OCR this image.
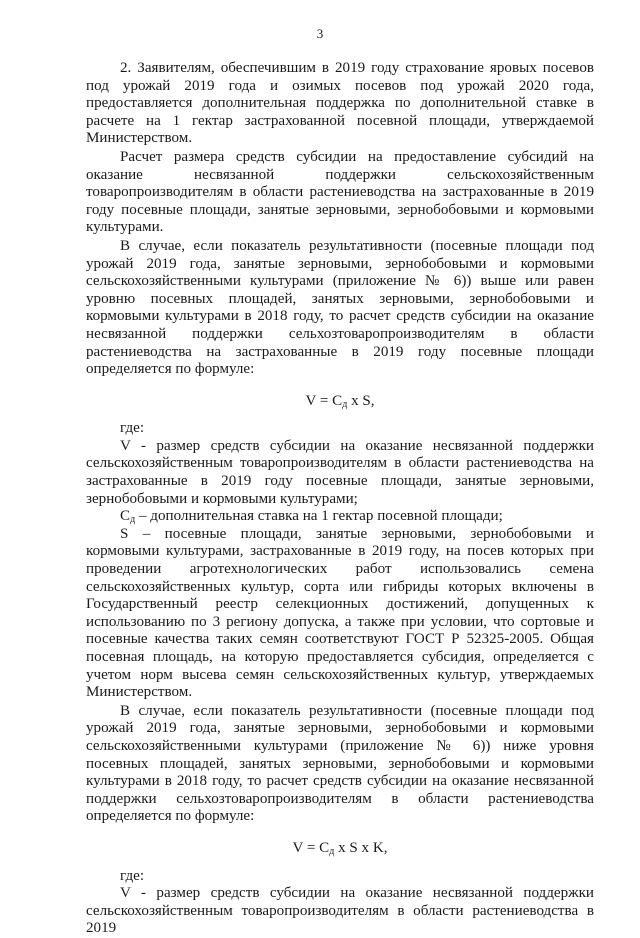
3

2. Заявителям, обеспечившим в 2019 году страхование яровых посевов под урожай 2019 года и озимых посевов под урожай 2020 года, предоставляется дополнительная поддержка по дополнительной ставке в расчете на 1 гектар застрахованной посевной площади, утверждаемой Министерством.

Расчет размера средств субсидии на предоставление субсидий на оказание несвязанной поддержки сельскохозяйственным товаропроизводителям в области растениеводства на застрахованные в 2019 году посевные площади, занятые зерновыми, зернобобовыми и кормовыми культурами.

В случае, если показатель результативности (посевные площади под урожай 2019 года, занятые зерновыми, зернобобовыми и кормовыми сельскохозяйственными культурами (приложение № 6)) выше или равен уровню посевных площадей, занятых зерновыми, зернобобовыми и кормовыми культурами в 2018 году, то расчет средств субсидии на оказание несвязанной поддержки сельхозтоваропроизводителям в области растениеводства на застрахованные в 2019 году посевные площади определяется по формуле:

$V = С_д$ х S,

где:

V - размер средств субсидии на оказание несвязанной поддержки сельскохозяйственным товаропроизводителям в области растениеводства на застрахованные в 2019 году посевные площади, занятые зерновыми, зернобобовыми и кормовыми культурами;

$С_д$ – дополнительная ставка на 1 гектар посевной площади;

S – посевные площади, занятые зерновыми, зернобобовыми и кормовыми культурами, застрахованные в 2019 году, на посев которых при проведении агротехнологических работ использовались семена сельскохозяйственных культур, сорта или гибриды которых включены в Государственный реестр селекционных достижений, допущенных к использованию по 3 региону допуска, а также при условии, что сортовые и посевные качества таких семян соответствуют ГОСТ Р 52325-2005. Общая посевная площадь, на которую предоставляется субсидия, определяется с учетом норм высева семян сельскохозяйственных культур, утверждаемых Министерством.

В случае, если показатель результативности (посевные площади под урожай 2019 года, занятые зерновыми, зернобобовыми и кормовыми сельскохозяйственными культурами (приложение № 6)) ниже уровня посевных площадей, занятых зерновыми, зернобобовыми и кормовыми культурами в 2018 году, то расчет средств субсидии на оказание несвязанной поддержки сельхозтоваропроизводителям в области растениеводства определяется по формуле:

$V = С_д$ х S х K,

где:

V - размер средств субсидии на оказание несвязанной поддержки сельскохозяйственным товаропроизводителям в области растениеводства в 2019
